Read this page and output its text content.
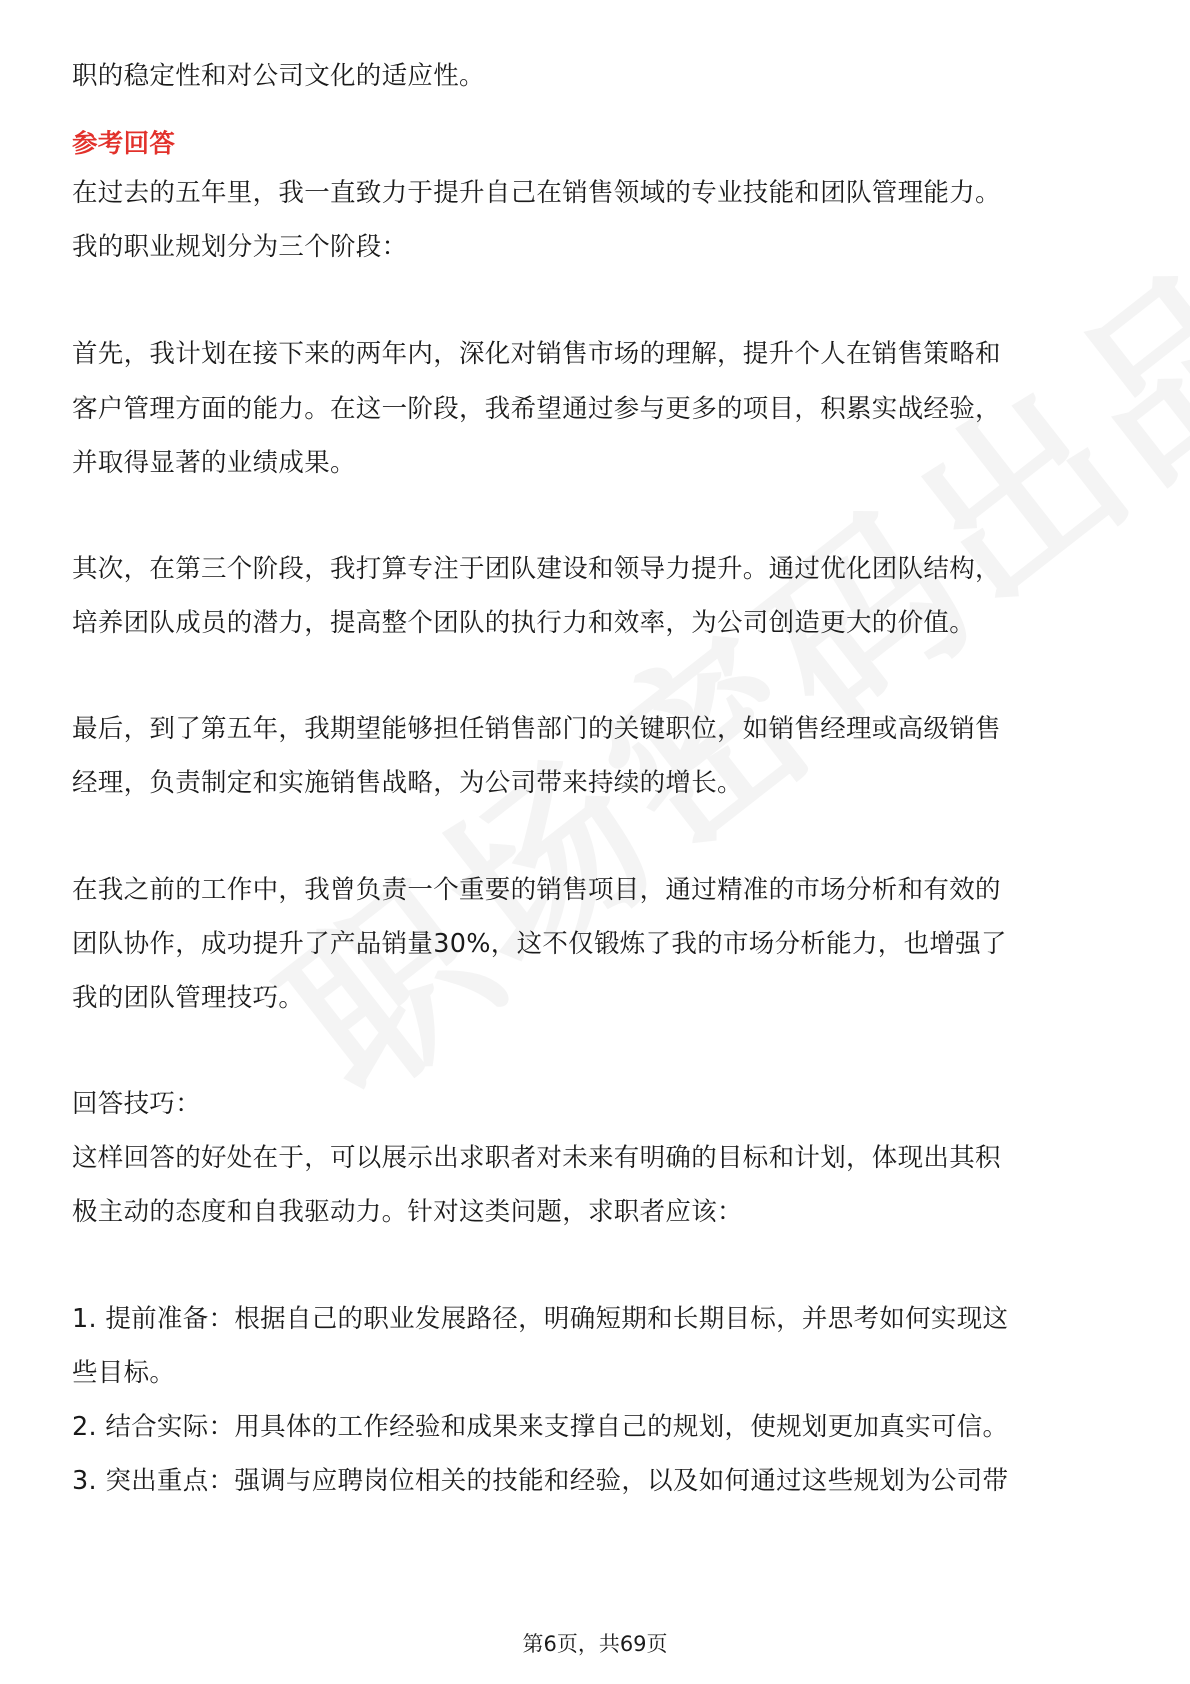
职的稳定性和对公司文化的适应性。
参考回答
在过去的五年里，我一直致力于提升自己在销售领域的专业技能和团队管理能力。
我的职业规划分为三个阶段：
首先，我计划在接下来的两年内，深化对销售市场的理解，提升个人在销售策略和
客户管理方面的能力。在这一阶段，我希望通过参与更多的项目，积累实战经验，
并取得显著的业绩成果。
其次，在第三个阶段，我打算专注于团队建设和领导力提升。通过优化团队结构，
培养团队成员的潜力，提高整个团队的执行力和效率，为公司创造更大的价值。
最后，到了第五年，我期望能够担任销售部门的关键职位，如销售经理或高级销售
经理，负责制定和实施销售战略，为公司带来持续的增长。
在我之前的工作中，我曾负责一个重要的销售项目，通过精准的市场分析和有效的
团队协作，成功提升了产品销量30%，这不仅锻炼了我的市场分析能力，也增强了
我的团队管理技巧。
回答技巧：
这样回答的好处在于，可以展示出求职者对未来有明确的目标和计划，体现出其积
极主动的态度和自我驱动力。针对这类问题，求职者应该：
1. 提前准备：根据自己的职业发展路径，明确短期和长期目标，并思考如何实现这
些目标。
2. 结合实际：用具体的工作经验和成果来支撑自己的规划，使规划更加真实可信。
3. 突出重点：强调与应聘岗位相关的技能和经验，以及如何通过这些规划为公司带
第6页，共69页
